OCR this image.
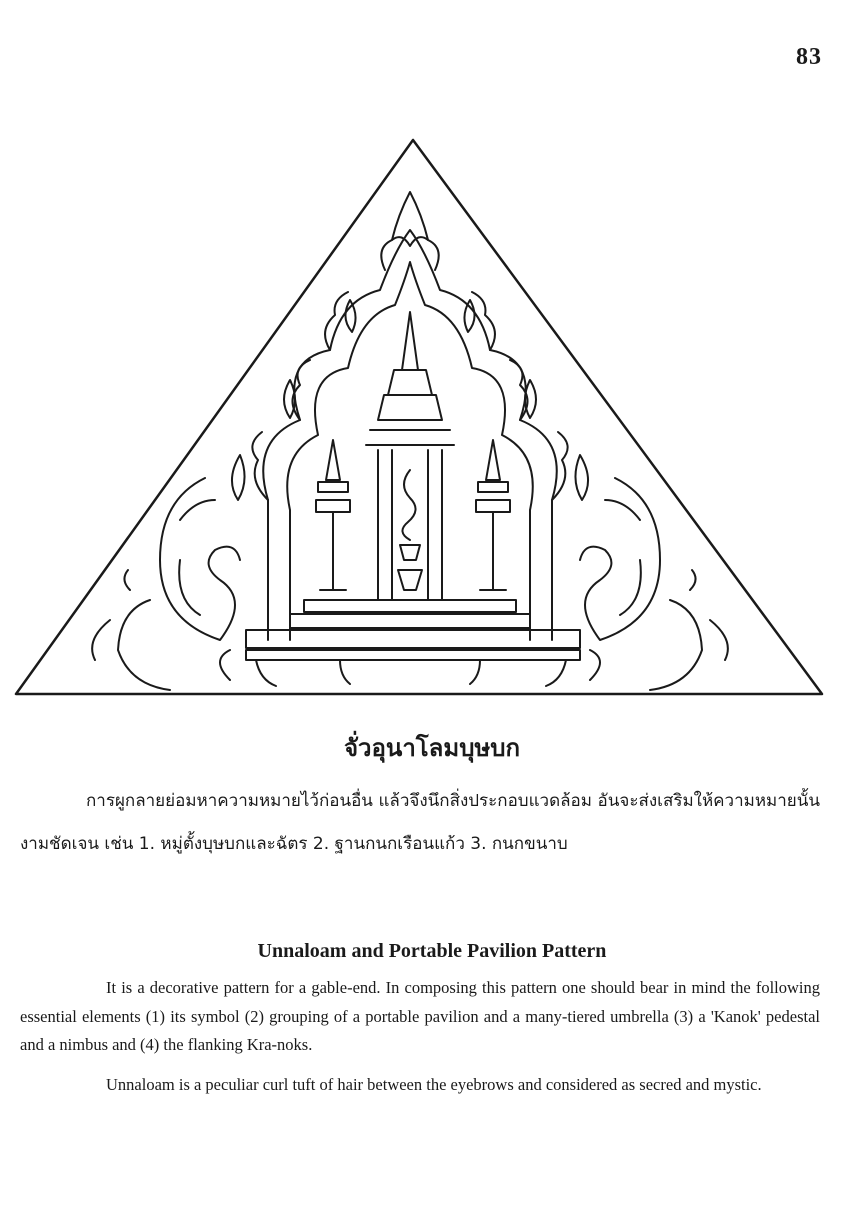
83
จั่วอุนาโลมบุษบก

การผูกลายย่อมหาความหมายไว้ก่อนอื่น แล้วจึงนึกสิ่งประกอบแวดล้อม อันจะส่งเสริมให้ความหมายนั้นงามชัดเจน เช่น 1. หมู่ตั้งบุษบกและฉัตร 2. ฐานกนกเรือนแก้ว 3. กนกขนาบ

Unnaloam and Portable Pavilion Pattern

It is a decorative pattern for a gable-end. In composing this pattern one should bear in mind the following essential elements (1) its symbol (2) grouping of a portable pavilion and a many-tiered umbrella (3) a 'Kanok' pedestal and a nimbus and (4) the flanking Kra-noks.

Unnaloam is a peculiar curl tuft of hair between the eyebrows and considered as secred and mystic.
